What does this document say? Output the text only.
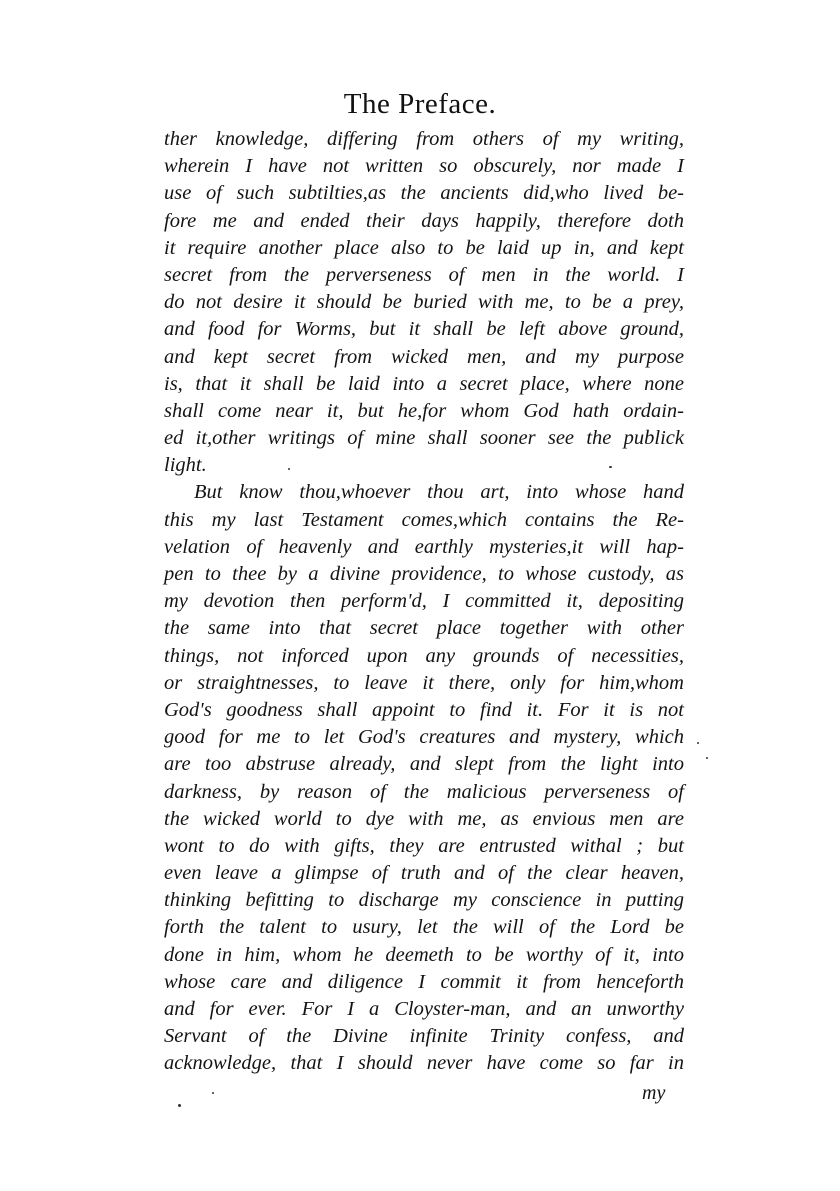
The Preface.
ther knowledge, differing from others of my writing,
wherein I have not written so obscurely, nor made I
use of such subtilties,as the ancients did,who lived be-
fore me and ended their days happily, therefore doth
it require another place also to be laid up in, and kept
secret from the perverseness of men in the world. I
do not desire it should be buried with me, to be a prey,
and food for Worms, but it shall be left above ground,
and kept secret from wicked men, and my purpose
is, that it shall be laid into a secret place, where none
shall come near it, but he,for whom God hath ordain-
ed it,other writings of mine shall sooner see the publick
light.
But know thou,whoever thou art, into whose hand
this my last Testament comes,which contains the Re-
velation of heavenly and earthly mysteries,it will hap-
pen to thee by a divine providence, to whose custody, as
my devotion then perform'd, I committed it, depositing
the same into that secret place together with other
things, not inforced upon any grounds of necessities,
or straightnesses, to leave it there, only for him,whom
God's goodness shall appoint to find it. For it is not
good for me to let God's creatures and mystery, which
are too abstruse already, and slept from the light into
darkness, by reason of the malicious perverseness of
the wicked world to dye with me, as envious men are
wont to do with gifts, they are entrusted withal ; but
even leave a glimpse of truth and of the clear heaven,
thinking befitting to discharge my conscience in putting
forth the talent to usury, let the will of the Lord be
done in him, whom he deemeth to be worthy of it, into
whose care and diligence I commit it from henceforth
and for ever. For I a Cloyster-man, and an unworthy
Servant of the Divine infinite Trinity confess, and
acknowledge, that I should never have come so far in
my
